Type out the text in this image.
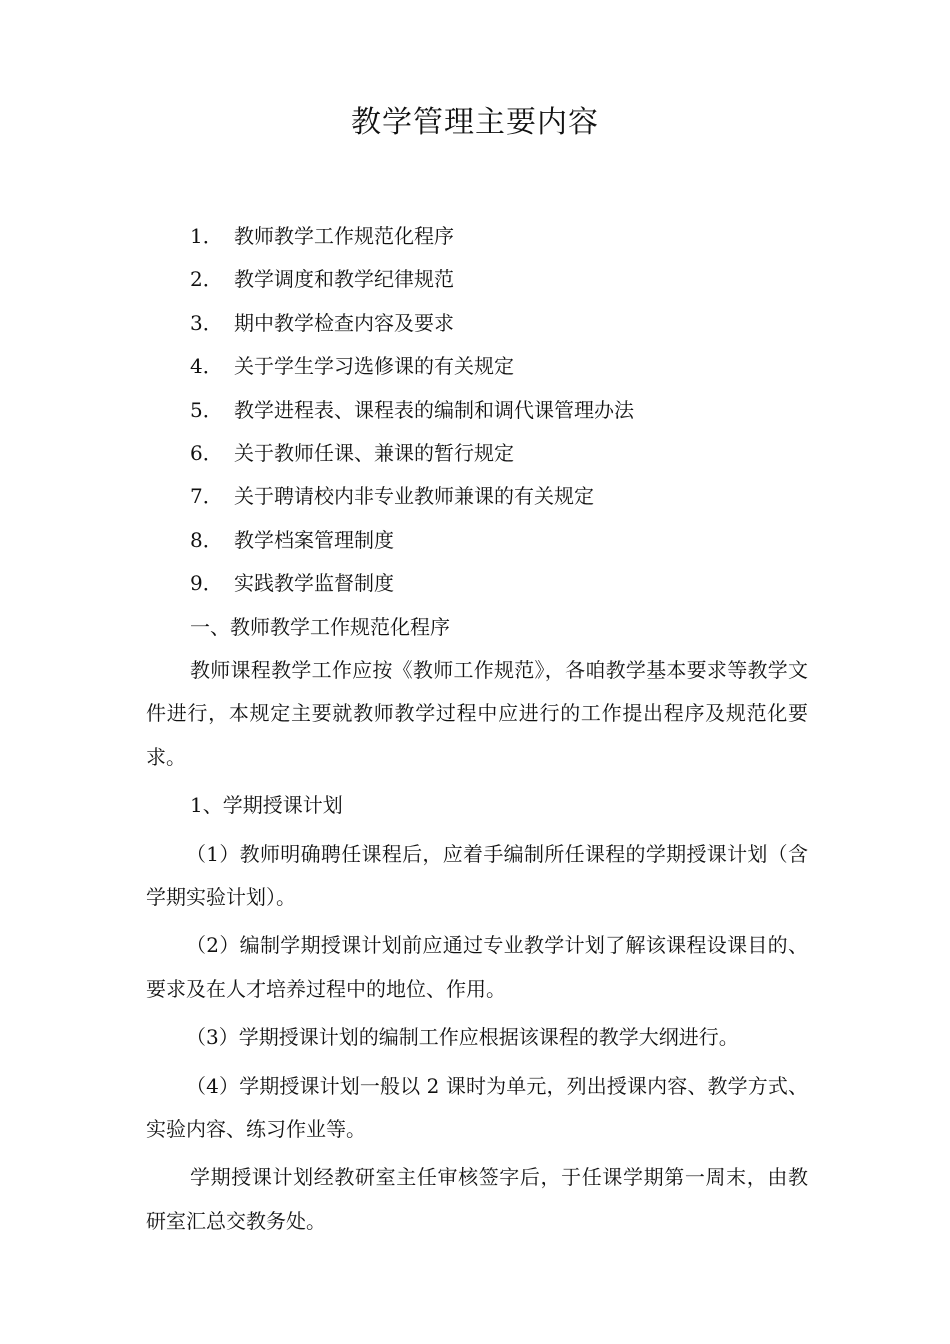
教学管理主要内容
1． 教师教学工作规范化程序
2． 教学调度和教学纪律规范
3． 期中教学检查内容及要求
4． 关于学生学习选修课的有关规定
5． 教学进程表、课程表的编制和调代课管理办法
6． 关于教师任课、兼课的暂行规定
7． 关于聘请校内非专业教师兼课的有关规定
8． 教学档案管理制度
9． 实践教学监督制度
一、教师教学工作规范化程序

教师课程教学工作应按《教师工作规范》，各咱教学基本要求等教学文件进行，本规定主要就教师教学过程中应进行的工作提出程序及规范化要求。

1、学期授课计划

（1）教师明确聘任课程后，应着手编制所任课程的学期授课计划（含学期实验计划）。

（2）编制学期授课计划前应通过专业教学计划了解该课程设课目的、要求及在人才培养过程中的地位、作用。

（3）学期授课计划的编制工作应根据该课程的教学大纲进行。

（4）学期授课计划一般以 2 课时为单元，列出授课内容、教学方式、实验内容、练习作业等。

学期授课计划经教研室主任审核签字后，于任课学期第一周末，由教研室汇总交教务处。
